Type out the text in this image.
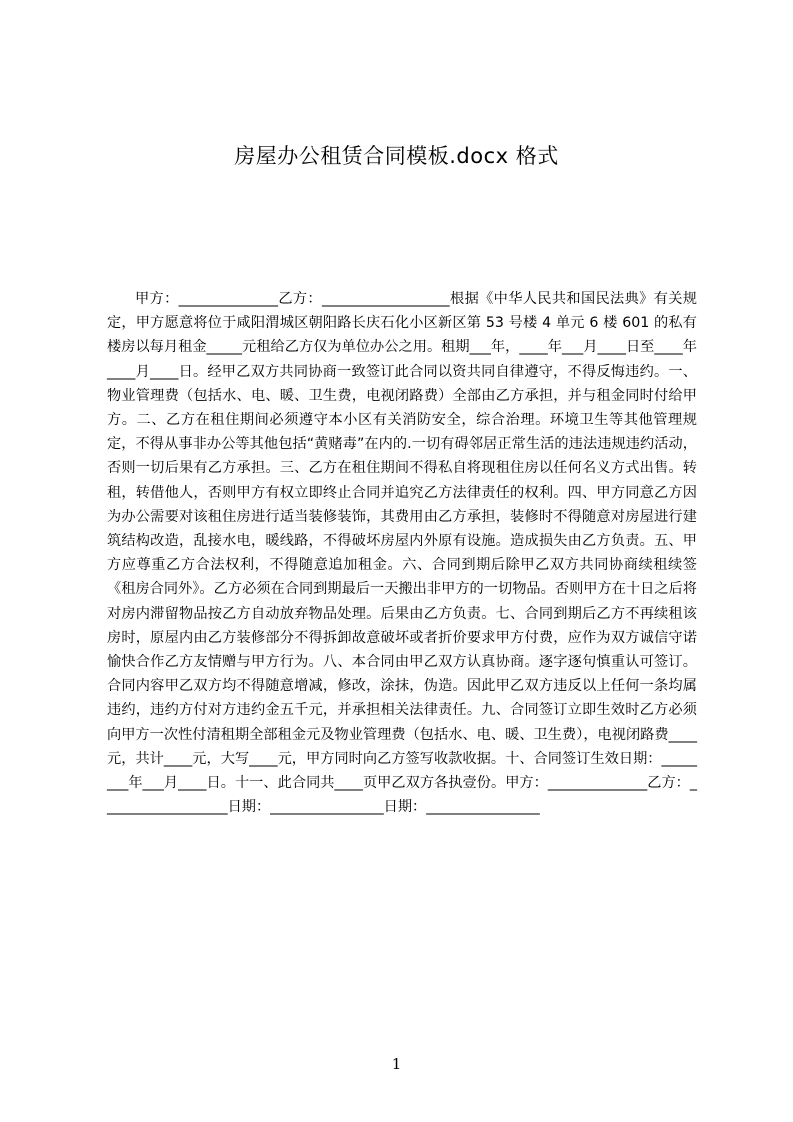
房屋办公租赁合同模板.docx 格式
甲方：______________乙方：__________________根据《中华人民共和国民法典》有关规定，甲方愿意将位于咸阳渭城区朝阳路长庆石化小区新区第 53 号楼 4 单元 6 楼 601 的私有楼房以每月租金_____元租给乙方仅为单位办公之用。租期___年，____年___月____日至____年____月____日。经甲乙双方共同协商一致签订此合同以资共同自律遵守，不得反悔违约。一、物业管理费（包括水、电、暖、卫生费，电视闭路费）全部由乙方承担，并与租金同时付给甲方。二、乙方在租住期间必须遵守本小区有关消防安全，综合治理。环境卫生等其他管理规定，不得从事非办公等其他包括“黄赌毒”在内的.一切有碍邻居正常生活的违法违规违约活动，否则一切后果有乙方承担。三、乙方在租住期间不得私自将现租住房以任何名义方式出售。转租，转借他人，否则甲方有权立即终止合同并追究乙方法律责任的权利。四、甲方同意乙方因为办公需要对该租住房进行适当装修装饰，其费用由乙方承担，装修时不得随意对房屋进行建筑结构改造，乱接水电，暖线路，不得破坏房屋内外原有设施。造成损失由乙方负责。五、甲方应尊重乙方合法权利，不得随意追加租金。六、合同到期后除甲乙双方共同协商续租续签《租房合同外》。乙方必须在合同到期最后一天搬出非甲方的一切物品。否则甲方在十日之后将对房内滞留物品按乙方自动放弃物品处理。后果由乙方负责。七、合同到期后乙方不再续租该房时，原屋内由乙方装修部分不得拆卸故意破坏或者折价要求甲方付费，应作为双方诚信守诺愉快合作乙方友情赠与甲方行为。八、本合同由甲乙双方认真协商。逐字逐句慎重认可签订。合同内容甲乙双方均不得随意增减，修改，涂抹，伪造。因此甲乙双方违反以上任何一条均属违约，违约方付对方违约金五千元，并承担相关法律责任。九、合同签订立即生效时乙方必须向甲方一次性付清租期全部租金元及物业管理费（包括水、电、暖、卫生费），电视闭路费____元，共计____元，大写____元，甲方同时向乙方签写收款收据。十、合同签订生效日期：________年___月____日。十一、此合同共____页甲乙双方各执壹份。甲方：______________乙方：__________________日期：________________日期：________________
1
